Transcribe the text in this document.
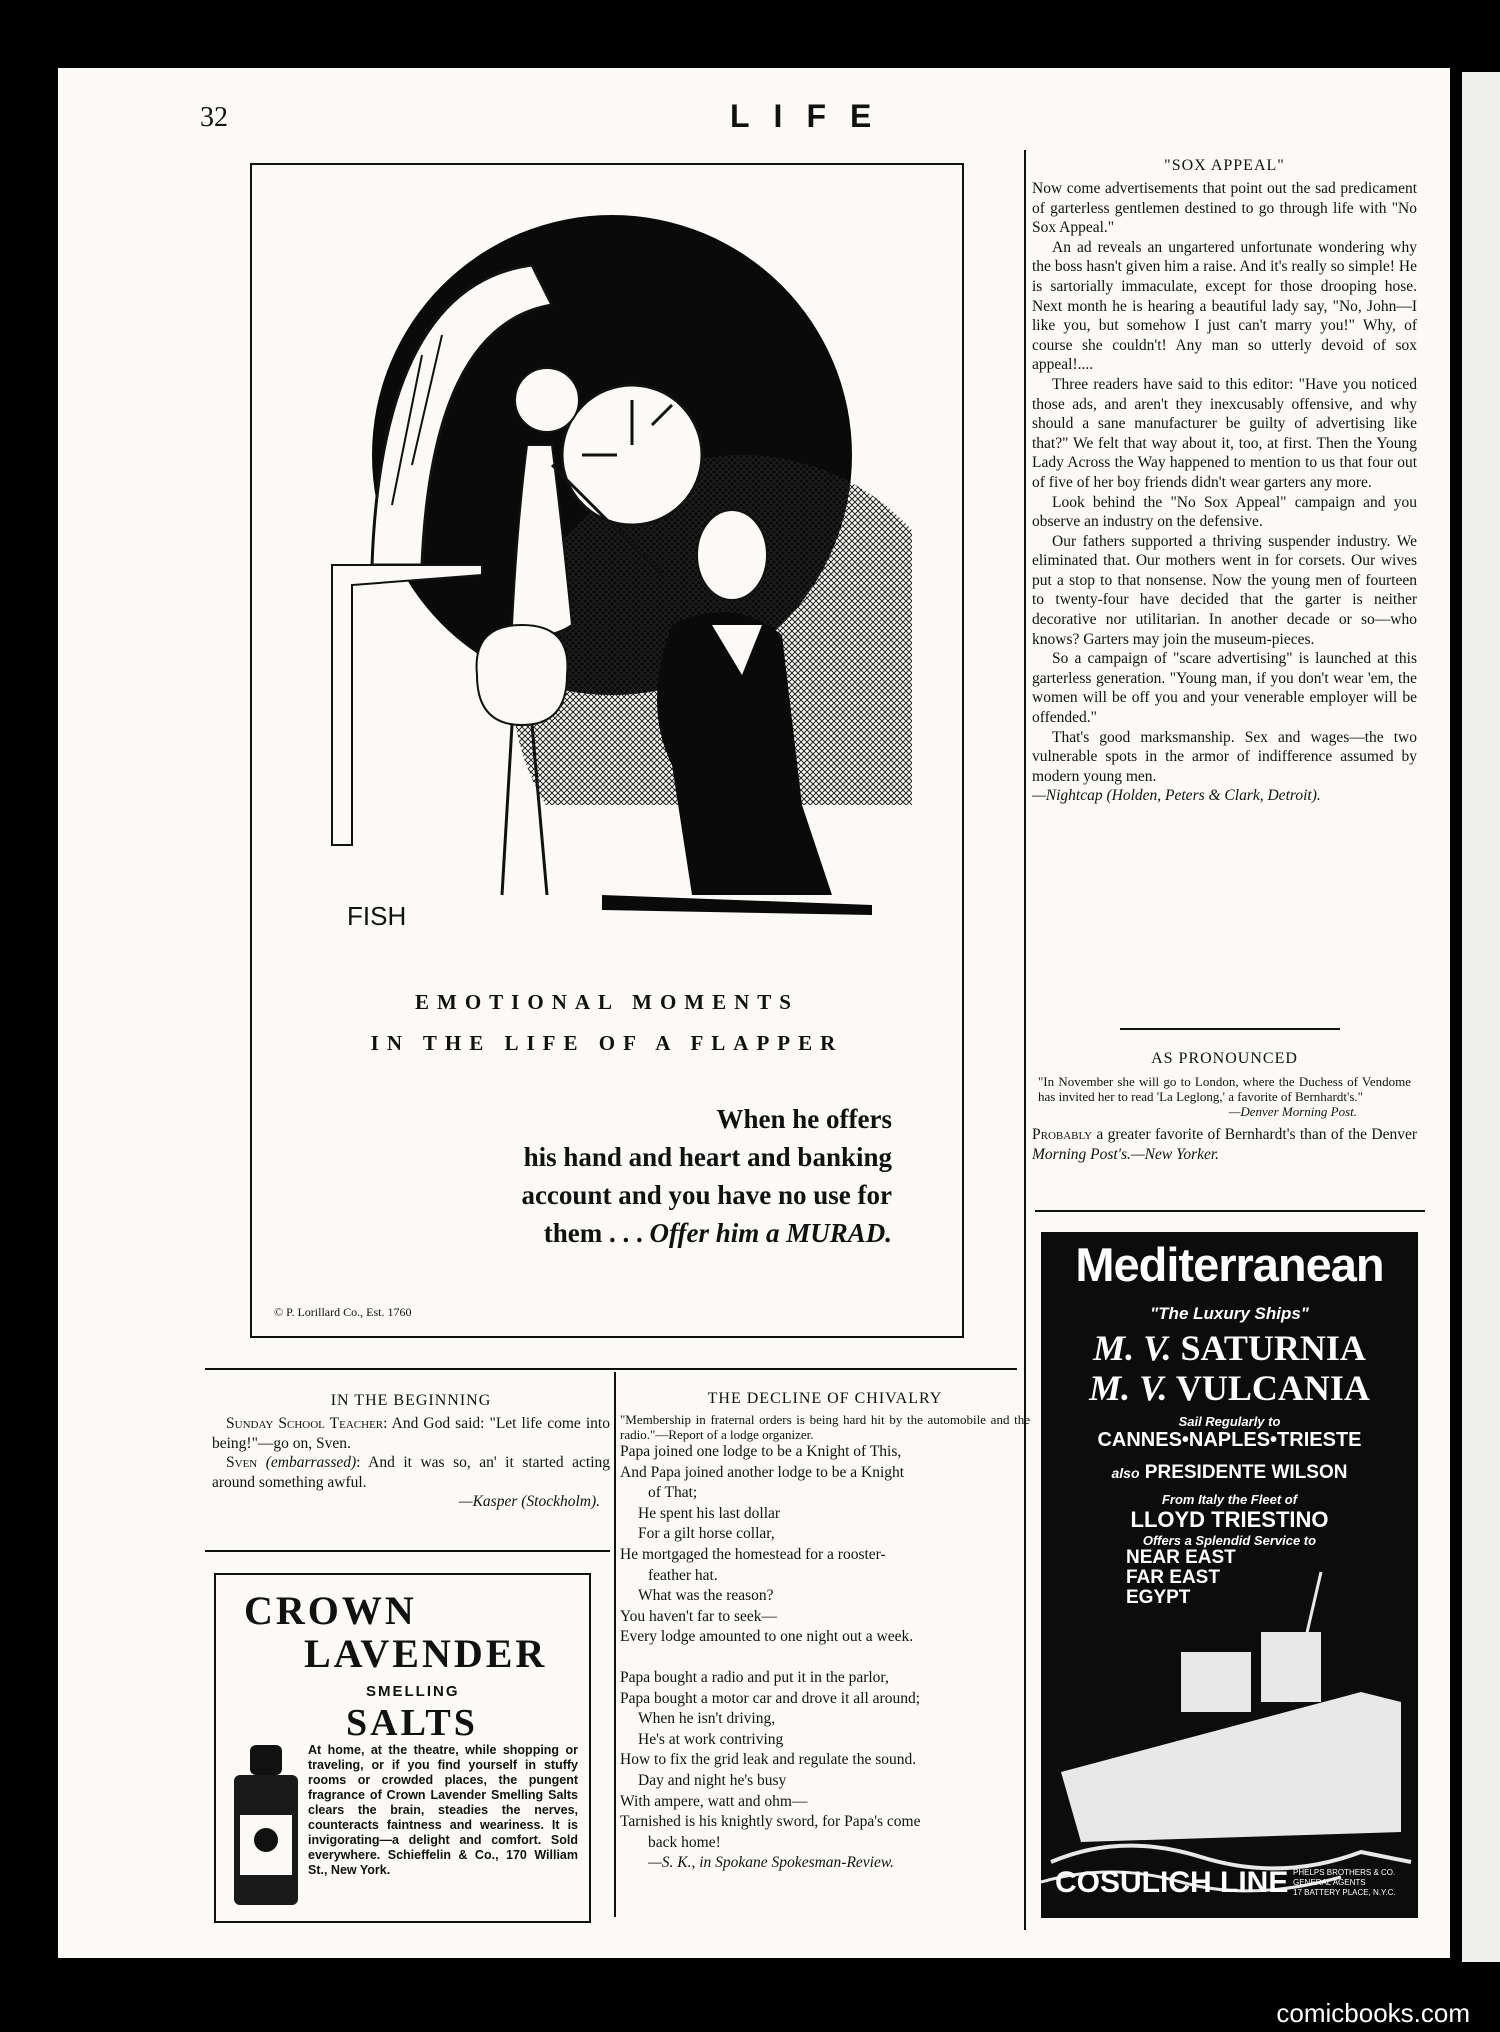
32	LIFE
FISH
EMOTIONAL MOMENTS
IN THE LIFE OF A FLAPPER
When he offers
his hand and heart and banking
account and you have no use for
them . . . Offer him a MURAD.
© P. Lorillard Co., Est. 1760
"SOX APPEAL"

Now come advertisements that point out the sad predicament of garterless gentlemen destined to go through life with "No Sox Appeal."

An ad reveals an ungartered unfortunate wondering why the boss hasn't given him a raise. And it's really so simple! He is sartorially immaculate, except for those drooping hose. Next month he is hearing a beautiful lady say, "No, John—I like you, but somehow I just can't marry you!" Why, of course she couldn't! Any man so utterly devoid of sox appeal!....

Three readers have said to this editor: "Have you noticed those ads, and aren't they inexcusably offensive, and why should a sane manufacturer be guilty of advertising like that?" We felt that way about it, too, at first. Then the Young Lady Across the Way happened to mention to us that four out of five of her boy friends didn't wear garters any more.

Look behind the "No Sox Appeal" campaign and you observe an industry on the defensive.

Our fathers supported a thriving suspender industry. We eliminated that. Our mothers went in for corsets. Our wives put a stop to that nonsense. Now the young men of fourteen to twenty-four have decided that the garter is neither decorative nor utilitarian. In another decade or so—who knows? Garters may join the museum-pieces.

So a campaign of "scare advertising" is launched at this garterless generation. "Young man, if you don't wear 'em, the women will be off you and your venerable employer will be offended."

That's good marksmanship. Sex and wages—the two vulnerable spots in the armor of indifference assumed by modern young men.

—Nightcap (Holden, Peters & Clark, Detroit).

AS PRONOUNCED

"In November she will go to London, where the Duchess of Vendome has invited her to read 'La Leglong,' a favorite of Bernhardt's."

—Denver Morning Post.

Probably a greater favorite of Bernhardt's than of the Denver Morning Post's.—New Yorker.

IN THE BEGINNING

Sunday School Teacher: And God said: "Let life come into being!"—go on, Sven.

Sven (embarrassed): And it was so, an' it started acting around something awful.

—Kasper (Stockholm).

CROWN
LAVENDER
SMELLING
SALTS
At home, at the theatre, while shopping or traveling, or if you find yourself in stuffy rooms or crowded places, the pungent fragrance of Crown Lavender Smelling Salts clears the brain, steadies the nerves, counteracts faintness and weariness. It is invigorating—a delight and comfort. Sold everywhere. Schieffelin & Co., 170 William St., New York.
THE DECLINE OF CHIVALRY

"Membership in fraternal orders is being hard hit by the automobile and the radio."—Report of a lodge organizer.

Papa joined one lodge to be a Knight of This,
And Papa joined another lodge to be a Knight
of That;
He spent his last dollar
For a gilt horse collar,
He mortgaged the homestead for a rooster-
feather hat.
What was the reason?
You haven't far to seek—
Every lodge amounted to one night out a week.
Papa bought a radio and put it in the parlor,
Papa bought a motor car and drove it all around;
When he isn't driving,
He's at work contriving
How to fix the grid leak and regulate the sound.
Day and night he's busy
With ampere, watt and ohm—
Tarnished is his knightly sword, for Papa's come
back home!
—S. K., in Spokane Spokesman-Review.
Mediterranean
"The Luxury Ships"
M. V. SATURNIA
M. V. VULCANIA
Sail Regularly to
CANNES•NAPLES•TRIESTE
also PRESIDENTE WILSON
From Italy the Fleet of
LLOYD TRIESTINO
Offers a Splendid Service to
NEAR EAST
FAR EAST
EGYPT
COSULICH LINE PHELPS BROTHERS & CO.
GENERAL AGENTS
17 BATTERY PLACE, N.Y.C.
comicbooks.com
